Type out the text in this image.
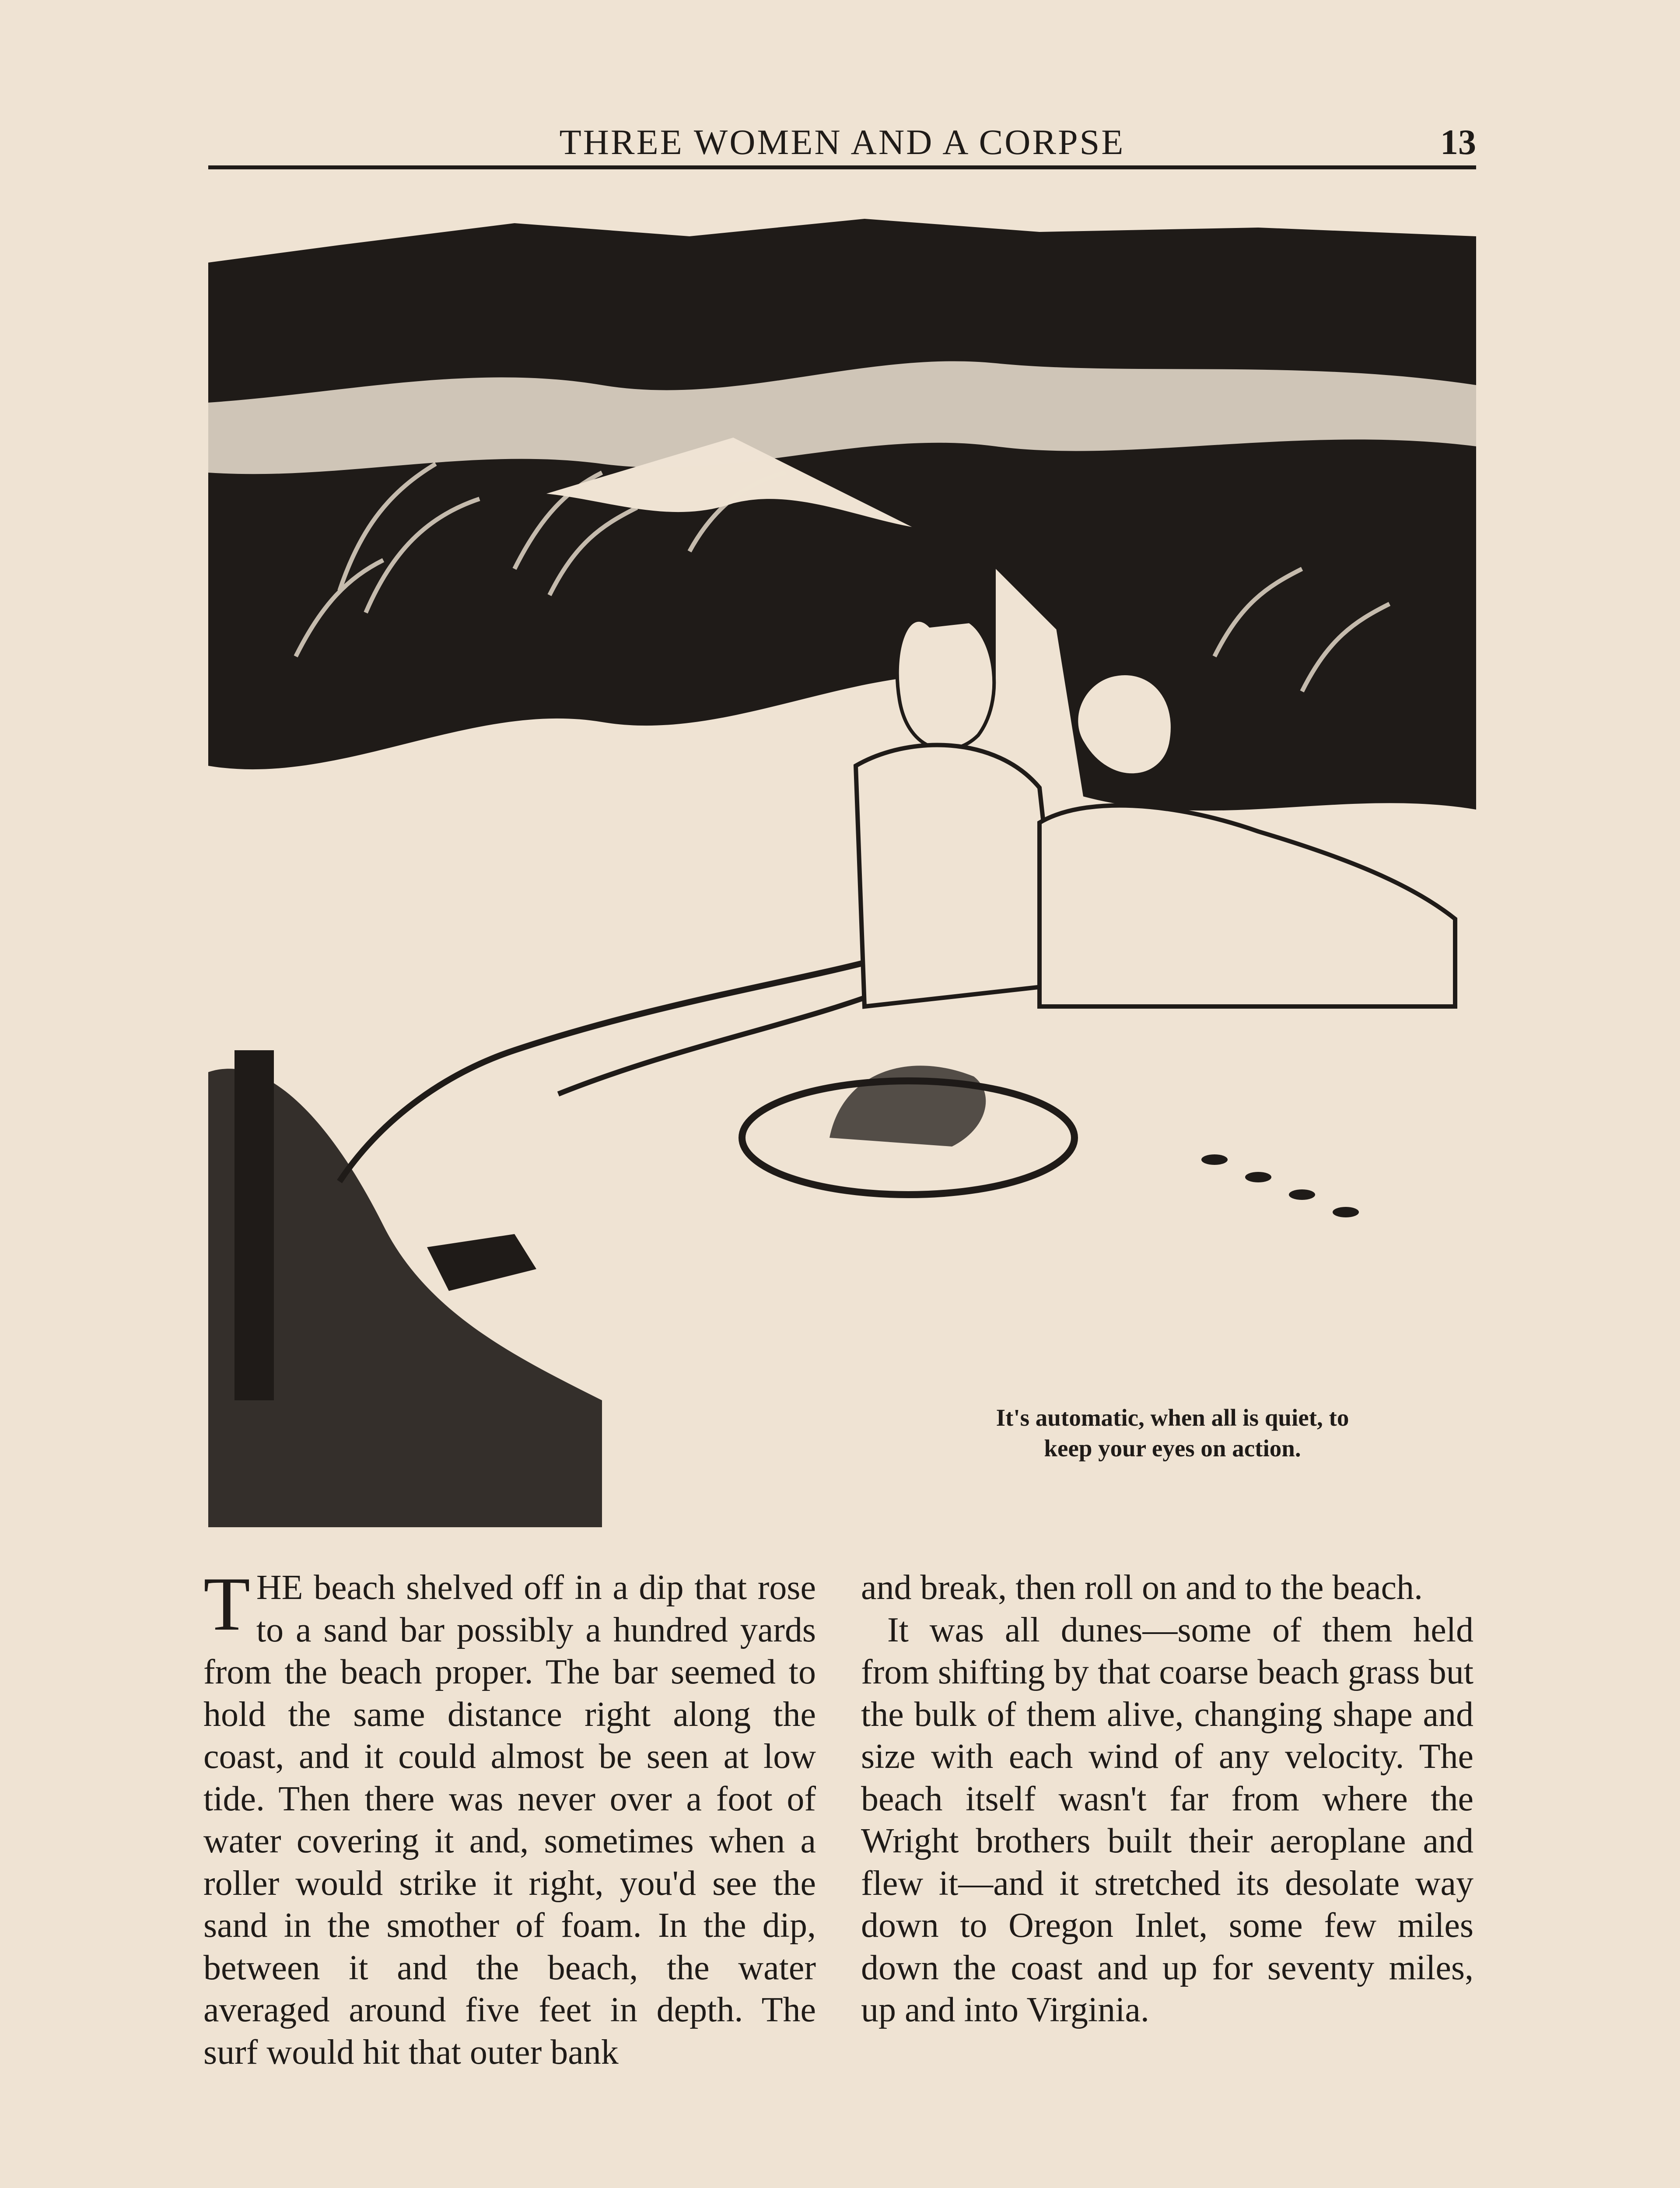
THREE WOMEN AND A CORPSE	13
It's automatic, when all is quiet, to
keep your eyes on action.

THE beach shelved off in a dip that rose to a sand bar possibly a hundred yards from the beach proper. The bar seemed to hold the same distance right along the coast, and it could almost be seen at low tide. Then there was never over a foot of water covering it and, sometimes when a roller would strike it right, you'd see the sand in the smother of foam. In the dip, between it and the beach, the water averaged around five feet in depth. The surf would hit that outer bank

and break, then roll on and to the beach.

It was all dunes—some of them held from shifting by that coarse beach grass but the bulk of them alive, changing shape and size with each wind of any velocity. The beach itself wasn't far from where the Wright brothers built their aeroplane and flew it—and it stretched its desolate way down to Oregon Inlet, some few miles down the coast and up for seventy miles, up and into Virginia.
